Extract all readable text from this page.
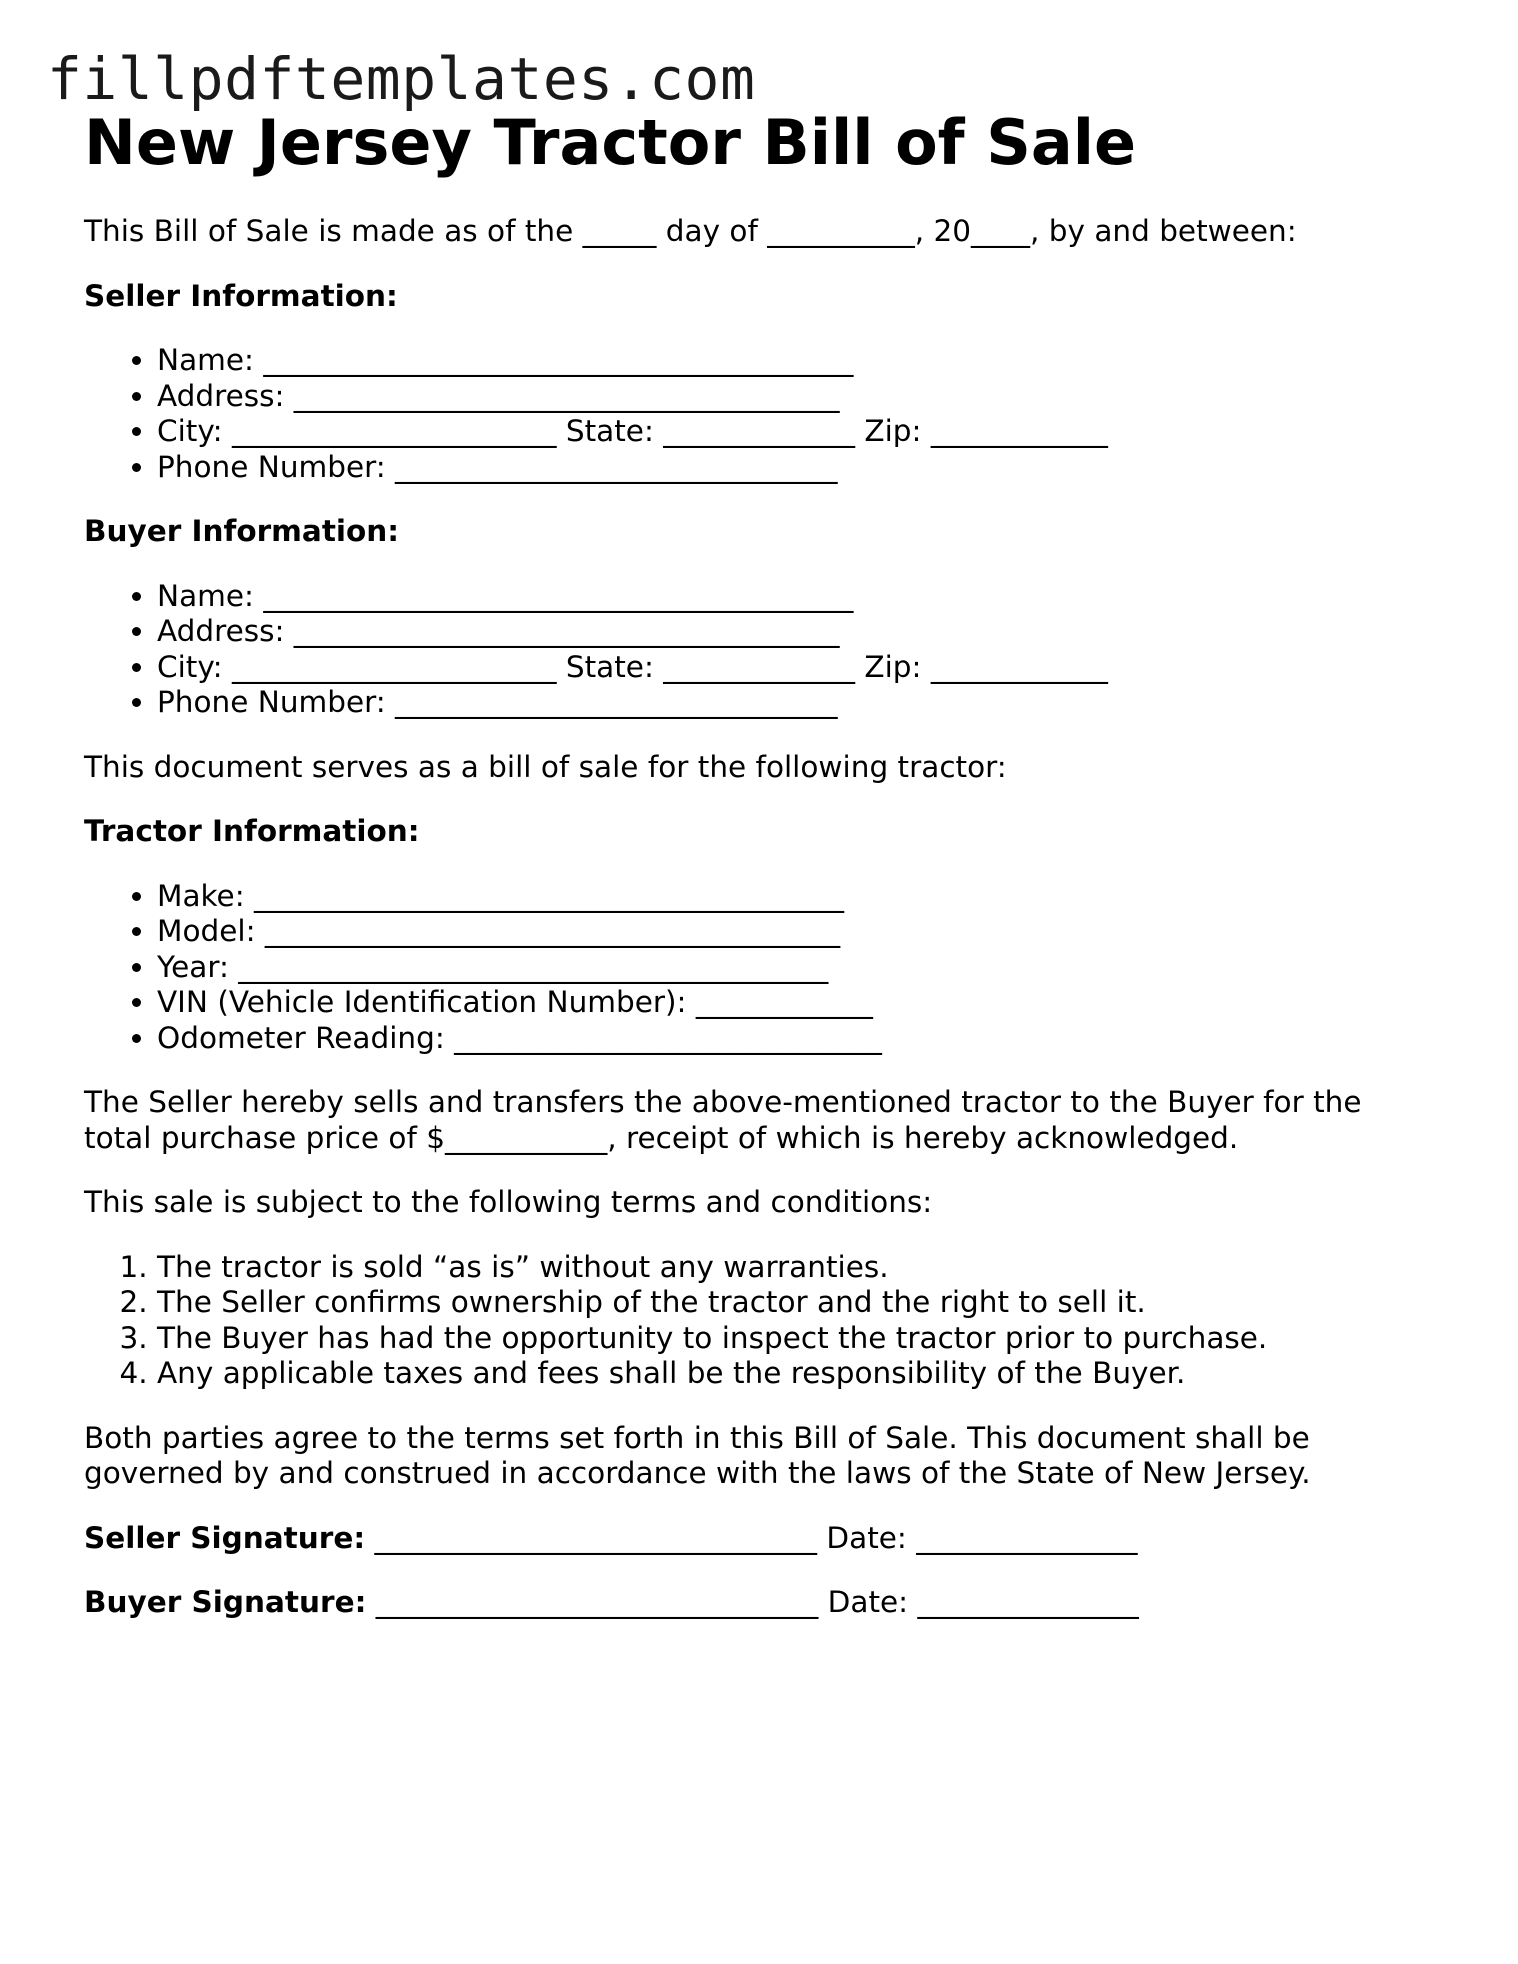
fillpdftemplates.com
New Jersey Tractor Bill of Sale

This Bill of Sale is made as of the _____ day of __________, 20____, by and between:

Seller Information:
• Name: ________________________________________
• Address: _____________________________________
• City: ______________________ State: _____________ Zip: ____________
• Phone Number: ______________________________
Buyer Information:
• Name: ________________________________________
• Address: _____________________________________
• City: ______________________ State: _____________ Zip: ____________
• Phone Number: ______________________________

This document serves as a bill of sale for the following tractor:

Tractor Information:
• Make: ________________________________________
• Model: _______________________________________
• Year: ________________________________________
• VIN (Vehicle Identification Number): ____________
• Odometer Reading: _____________________________

The Seller hereby sells and transfers the above-mentioned tractor to the Buyer for the total purchase price of $___________, receipt of which is hereby acknowledged.

This sale is subject to the following terms and conditions:

1. The tractor is sold “as is” without any warranties.
2. The Seller confirms ownership of the tractor and the right to sell it.
3. The Buyer has had the opportunity to inspect the tractor prior to purchase.
4. Any applicable taxes and fees shall be the responsibility of the Buyer.

Both parties agree to the terms set forth in this Bill of Sale. This document shall be governed by and construed in accordance with the laws of the State of New Jersey.

Seller Signature: ______________________________ Date: _______________
Buyer Signature: ______________________________ Date: _______________
